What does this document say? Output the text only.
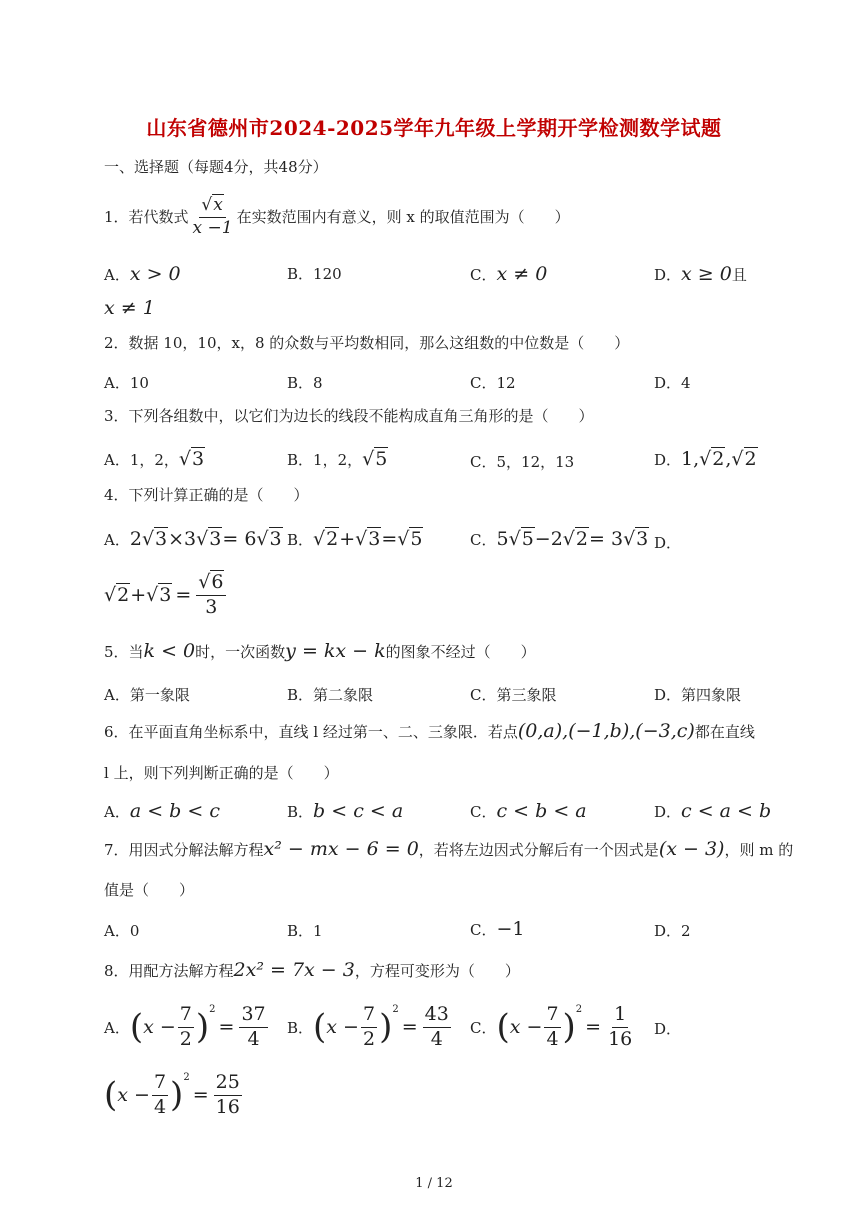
山东省德州市2024-2025学年九年级上学期开学检测数学试题
一、选择题（每题4分，共48分）
1．若代数式 $\frac{√x}{x -1}$ 在实数范围内有意义，则 x 的取值范围为（　　）
A．x > 0	B．120	C．x ≠ 0	D．x ≥ 0且
x ≠ 1
2．数据 10，10，x，8 的众数与平均数相同，那么这组数的中位数是（　　）
A．10	B．8	C．12	D．4
3．下列各组数中，以它们为边长的线段不能构成直角三角形的是（　　）
A．1，2，√3	B．1，2，√5	C．5，12，13	D．1,√2,√2
4．下列计算正确的是（　　）
A．2√3×3√3= 6√3 B．√2+√3=√5	C．5√5−2√2= 3√3 D．
$√2 + √3 = \frac{√6}{3}$
5．当k < 0时，一次函数y = kx − k的图象不经过（　　）
A．第一象限	B．第二象限	C．第三象限	D．第四象限
6．在平面直角坐标系中，直线 l 经过第一、二、三象限．若点(0,a),(−1,b),(−3,c)都在直线
l 上，则下列判断正确的是（　　）
A．a < b < c	B．b < c < a	C．c < b < a	D．c < a < b
7．用因式分解法解方程x² − mx − 6 = 0，若将左边因式分解后有一个因式是(x − 3)，则 m 的
值是（　　）
A．0	B．1	C．−1	D．2
8．用配方法解方程2x² = 7x − 3，方程可变形为（　　）
A． ( $x - \frac{7}{2} )^2$
= $\frac{37}{4}$ B． ( $x - \frac{7}{2} )^2$
= $\frac{43}{4}$ C． ( $x - \frac{7}{4} )^2$
= $\frac{1}{16}$ D．
( $x - \frac{7}{4} )^2$
= $\frac{25}{16}$
1 / 12
